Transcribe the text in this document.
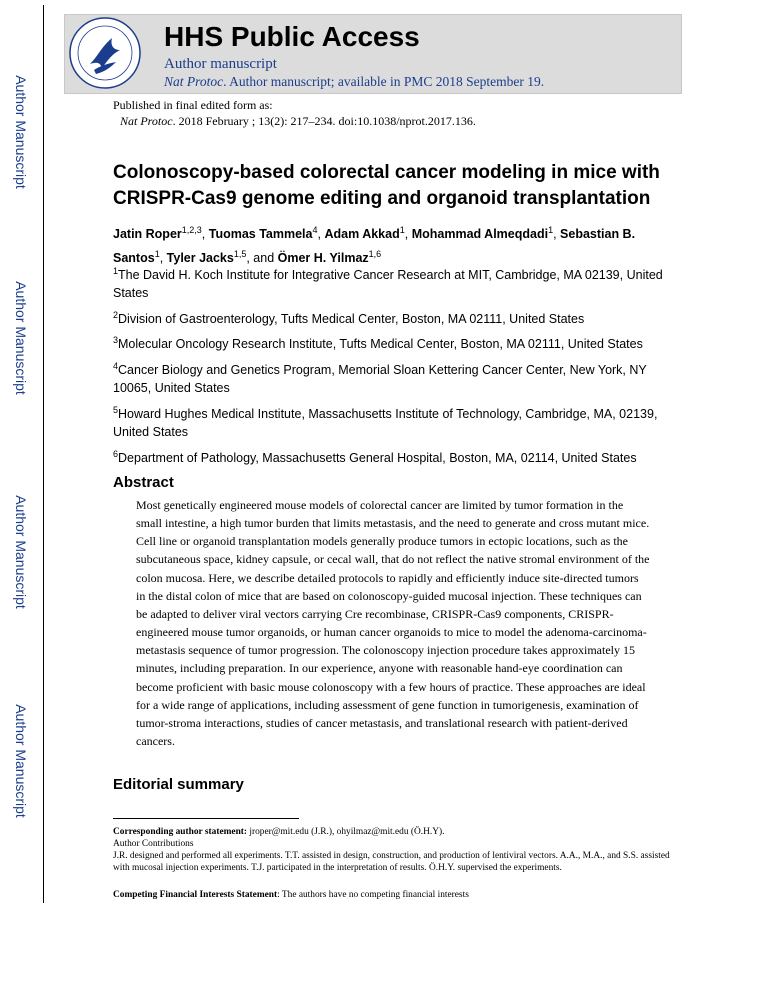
Author Manuscript
Author Manuscript
Author Manuscript
Author Manuscript
HHS Public Access
Author manuscript
Nat Protoc. Author manuscript; available in PMC 2018 September 19.
Published in final edited form as:
Nat Protoc. 2018 February ; 13(2): 217–234. doi:10.1038/nprot.2017.136.
Colonoscopy-based colorectal cancer modeling in mice with CRISPR-Cas9 genome editing and organoid transplantation
Jatin Roper$^{1,2,3}$, Tuomas Tammela$^4$, Adam Akkad$^1$, Mohammad Almeqdadi$^1$, Sebastian B. Santos$^1$, Tyler Jacks$^{1,5}$, and Ömer H. Yilmaz$^{1,6}$
$^1$The David H. Koch Institute for Integrative Cancer Research at MIT, Cambridge, MA 02139, United States
$^2$Division of Gastroenterology, Tufts Medical Center, Boston, MA 02111, United States
$^3$Molecular Oncology Research Institute, Tufts Medical Center, Boston, MA 02111, United States
$^4$Cancer Biology and Genetics Program, Memorial Sloan Kettering Cancer Center, New York, NY 10065, United States
$^5$Howard Hughes Medical Institute, Massachusetts Institute of Technology, Cambridge, MA, 02139, United States
$^6$Department of Pathology, Massachusetts General Hospital, Boston, MA, 02114, United States
Abstract
Most genetically engineered mouse models of colorectal cancer are limited by tumor formation in the small intestine, a high tumor burden that limits metastasis, and the need to generate and cross mutant mice. Cell line or organoid transplantation models generally produce tumors in ectopic locations, such as the subcutaneous space, kidney capsule, or cecal wall, that do not reflect the native stromal environment of the colon mucosa. Here, we describe detailed protocols to rapidly and efficiently induce site-directed tumors in the distal colon of mice that are based on colonoscopy-guided mucosal injection. These techniques can be adapted to deliver viral vectors carrying Cre recombinase, CRISPR-Cas9 components, CRISPR-engineered mouse tumor organoids, or human cancer organoids to mice to model the adenoma-carcinoma-metastasis sequence of tumor progression. The colonoscopy injection procedure takes approximately 15 minutes, including preparation. In our experience, anyone with reasonable hand-eye coordination can become proficient with basic mouse colonoscopy with a few hours of practice. These approaches are ideal for a wide range of applications, including assessment of gene function in tumorigenesis, examination of tumor-stroma interactions, studies of cancer metastasis, and translational research with patient-derived cancers.
Editorial summary
Corresponding author statement: jroper@mit.edu (J.R.), ohyilmaz@mit.edu (Ö.H.Y).
Author Contributions
J.R. designed and performed all experiments. T.T. assisted in design, construction, and production of lentiviral vectors. A.A., M.A., and S.S. assisted with mucosal injection experiments. T.J. participated in the interpretation of results. Ö.H.Y. supervised the experiments.
Competing Financial Interests Statement: The authors have no competing financial interests
